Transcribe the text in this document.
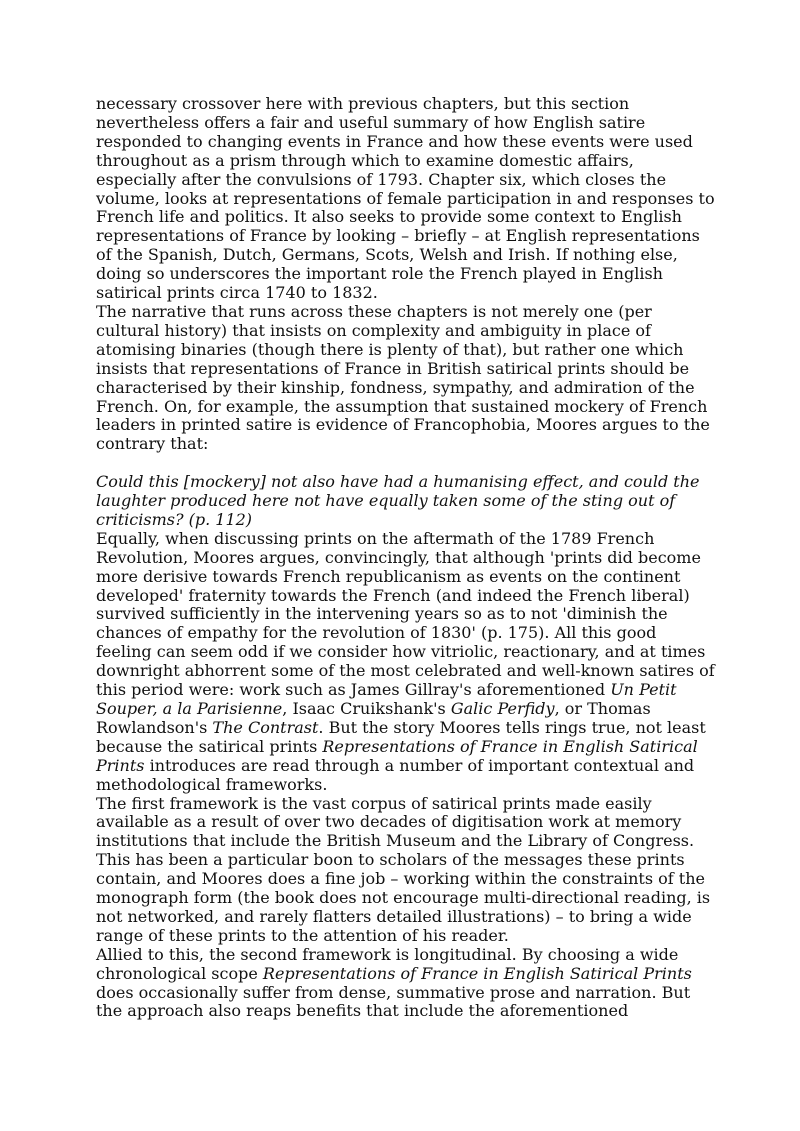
necessary crossover here with previous chapters, but this section nevertheless offers a fair and useful summary of how English satire responded to changing events in France and how these events were used throughout as a prism through which to examine domestic affairs, especially after the convulsions of 1793. Chapter six, which closes the volume, looks at representations of female participation in and responses to French life and politics. It also seeks to provide some context to English representations of France by looking – briefly – at English representations of the Spanish, Dutch, Germans, Scots, Welsh and Irish. If nothing else, doing so underscores the important role the French played in English satirical prints circa 1740 to 1832.

The narrative that runs across these chapters is not merely one (per cultural history) that insists on complexity and ambiguity in place of atomising binaries (though there is plenty of that), but rather one which insists that representations of France in British satirical prints should be characterised by their kinship, fondness, sympathy, and admiration of the French. On, for example, the assumption that sustained mockery of French leaders in printed satire is evidence of Francophobia, Moores argues to the contrary that:

Could this [mockery] not also have had a humanising effect, and could the laughter produced here not have equally taken some of the sting out of criticisms? (p. 112)

Equally, when discussing prints on the aftermath of the 1789 French Revolution, Moores argues, convincingly, that although 'prints did become more derisive towards French republicanism as events on the continent developed' fraternity towards the French (and indeed the French liberal) survived sufficiently in the intervening years so as to not 'diminish the chances of empathy for the revolution of 1830' (p. 175). All this good feeling can seem odd if we consider how vitriolic, reactionary, and at times downright abhorrent some of the most celebrated and well-known satires of this period were: work such as James Gillray's aforementioned Un Petit Souper, a la Parisienne, Isaac Cruikshank's Galic Perfidy, or Thomas Rowlandson's The Contrast. But the story Moores tells rings true, not least because the satirical prints Representations of France in English Satirical Prints introduces are read through a number of important contextual and methodological frameworks.

The first framework is the vast corpus of satirical prints made easily available as a result of over two decades of digitisation work at memory institutions that include the British Museum and the Library of Congress. This has been a particular boon to scholars of the messages these prints contain, and Moores does a fine job – working within the constraints of the monograph form (the book does not encourage multi-directional reading, is not networked, and rarely flatters detailed illustrations) – to bring a wide range of these prints to the attention of his reader.

Allied to this, the second framework is longitudinal. By choosing a wide chronological scope Representations of France in English Satirical Prints does occasionally suffer from dense, summative prose and narration. But the approach also reaps benefits that include the aforementioned
